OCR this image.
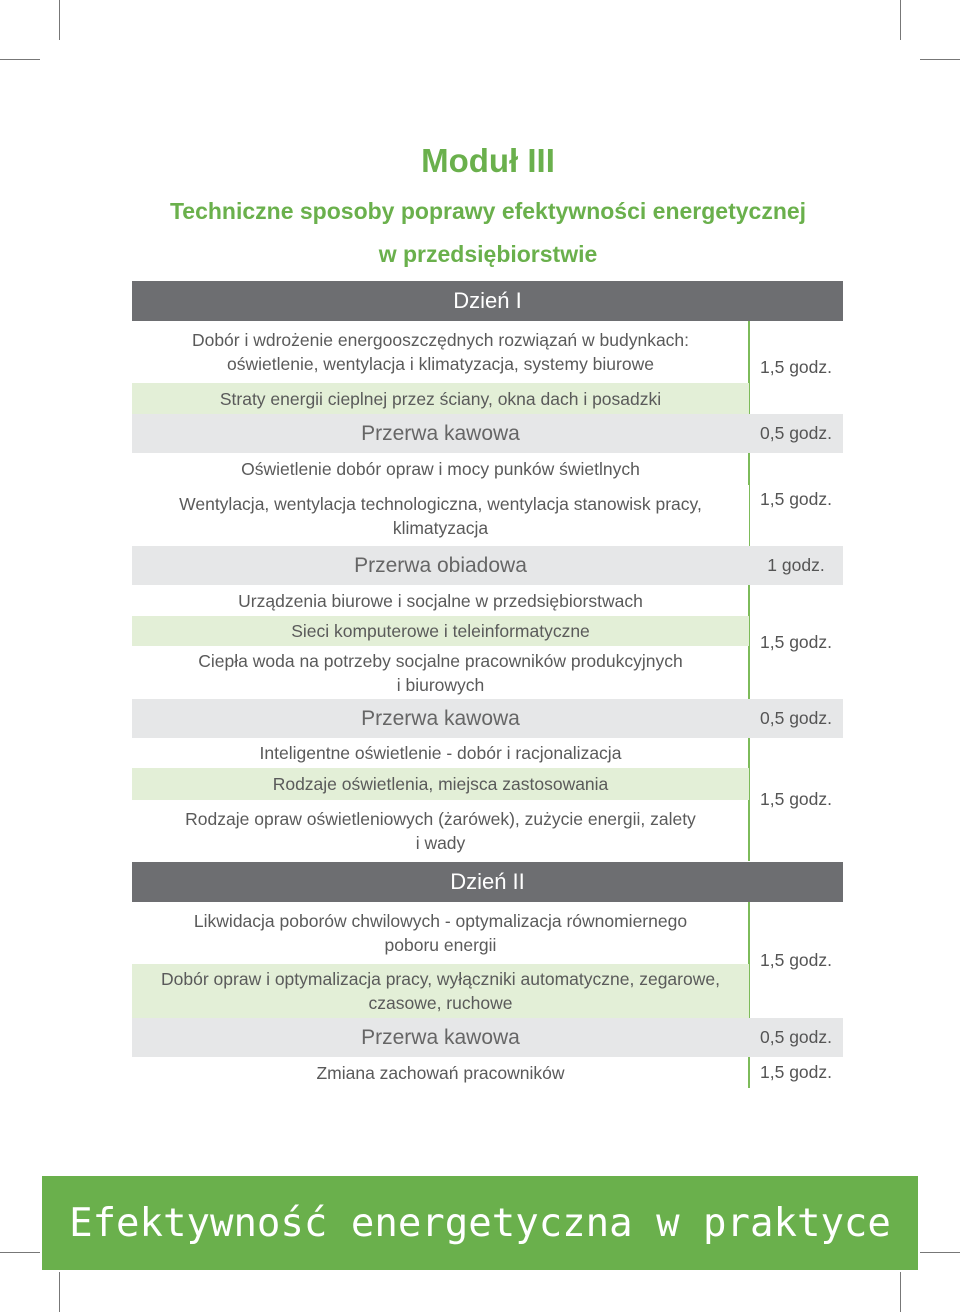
Moduł III
Techniczne sposoby poprawy efektywności energetycznej
w przedsiębiorstwie
Dzień I
Dobór i wdrożenie energooszczędnych rozwiązań w budynkach:
oświetlenie, wentylacja i klimatyzacja, systemy biurowe
Straty energii cieplnej przez ściany, okna dach i posadzki
Przerwa kawowa
Oświetlenie dobór opraw i mocy punków świetlnych
Wentylacja, wentylacja technologiczna, wentylacja stanowisk pracy,
klimatyzacja
Przerwa obiadowa
Urządzenia biurowe i socjalne w przedsiębiorstwach
Sieci komputerowe i teleinformatyczne
Ciepła woda na potrzeby socjalne pracowników produkcyjnych
i biurowych
Przerwa kawowa
Inteligentne oświetlenie - dobór i racjonalizacja
Rodzaje oświetlenia, miejsca zastosowania
Rodzaje opraw oświetleniowych (żarówek), zużycie energii, zalety
i wady
1,5 godz.
0,5 godz.
1,5 godz.
1 godz.
1,5 godz.
0,5 godz.
1,5 godz.
Dzień II
Likwidacja poborów chwilowych - optymalizacja równomiernego
poboru energii
Dobór opraw i optymalizacja pracy, wyłączniki automatyczne, zegarowe,
czasowe, ruchowe
Przerwa kawowa
Zmiana zachowań pracowników
1,5 godz.
0,5 godz.
1,5 godz.
Efektywność energetyczna w praktyce
